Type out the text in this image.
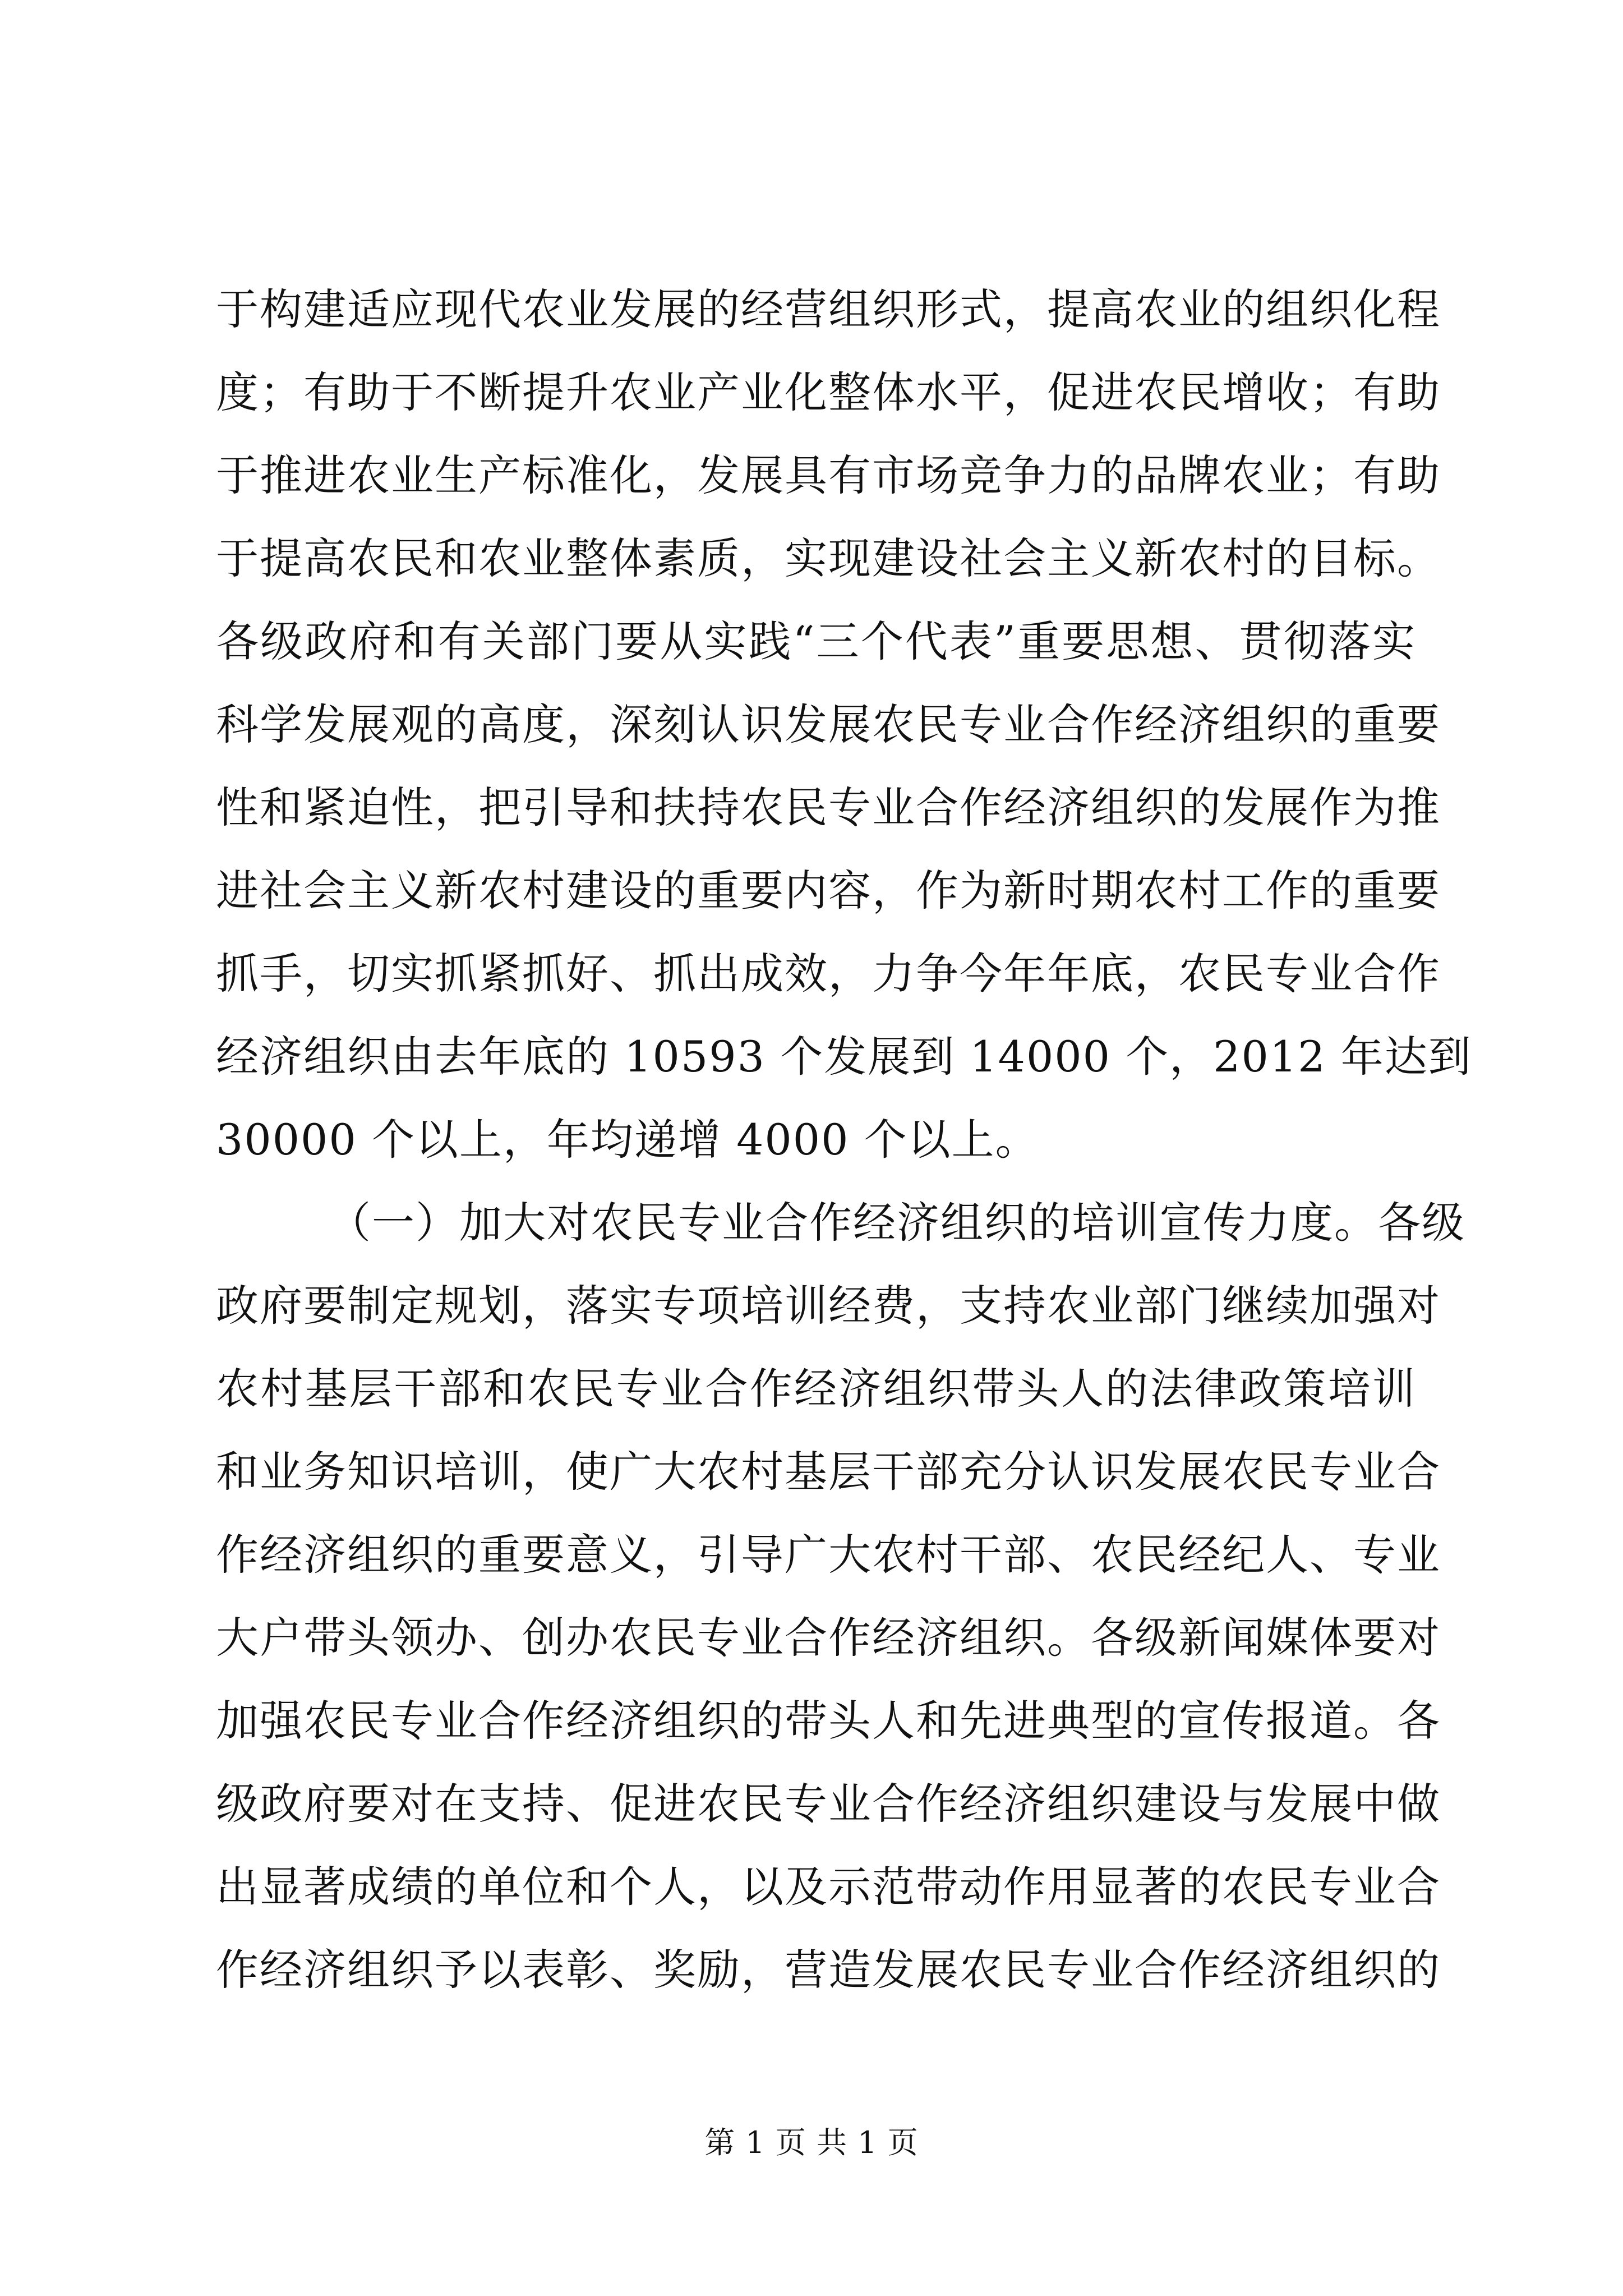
于构建适应现代农业发展的经营组织形式，提高农业的组织化程
度；有助于不断提升农业产业化整体水平，促进农民增收；有助
于推进农业生产标准化，发展具有市场竞争力的品牌农业；有助
于提高农民和农业整体素质，实现建设社会主义新农村的目标。
各级政府和有关部门要从实践“三个代表”重要思想、贯彻落实
科学发展观的高度，深刻认识发展农民专业合作经济组织的重要
性和紧迫性，把引导和扶持农民专业合作经济组织的发展作为推
进社会主义新农村建设的重要内容，作为新时期农村工作的重要
抓手，切实抓紧抓好、抓出成效，力争今年年底，农民专业合作
经济组织由去年底的 10593 个发展到 14000 个，2012 年达到
30000 个以上，年均递增 4000 个以上。
（一）加大对农民专业合作经济组织的培训宣传力度。各级
政府要制定规划，落实专项培训经费，支持农业部门继续加强对
农村基层干部和农民专业合作经济组织带头人的法律政策培训
和业务知识培训，使广大农村基层干部充分认识发展农民专业合
作经济组织的重要意义，引导广大农村干部、农民经纪人、专业
大户带头领办、创办农民专业合作经济组织。各级新闻媒体要对
加强农民专业合作经济组织的带头人和先进典型的宣传报道。各
级政府要对在支持、促进农民专业合作经济组织建设与发展中做
出显著成绩的单位和个人，以及示范带动作用显著的农民专业合
作经济组织予以表彰、奖励，营造发展农民专业合作经济组织的
第 1 页 共 1 页
